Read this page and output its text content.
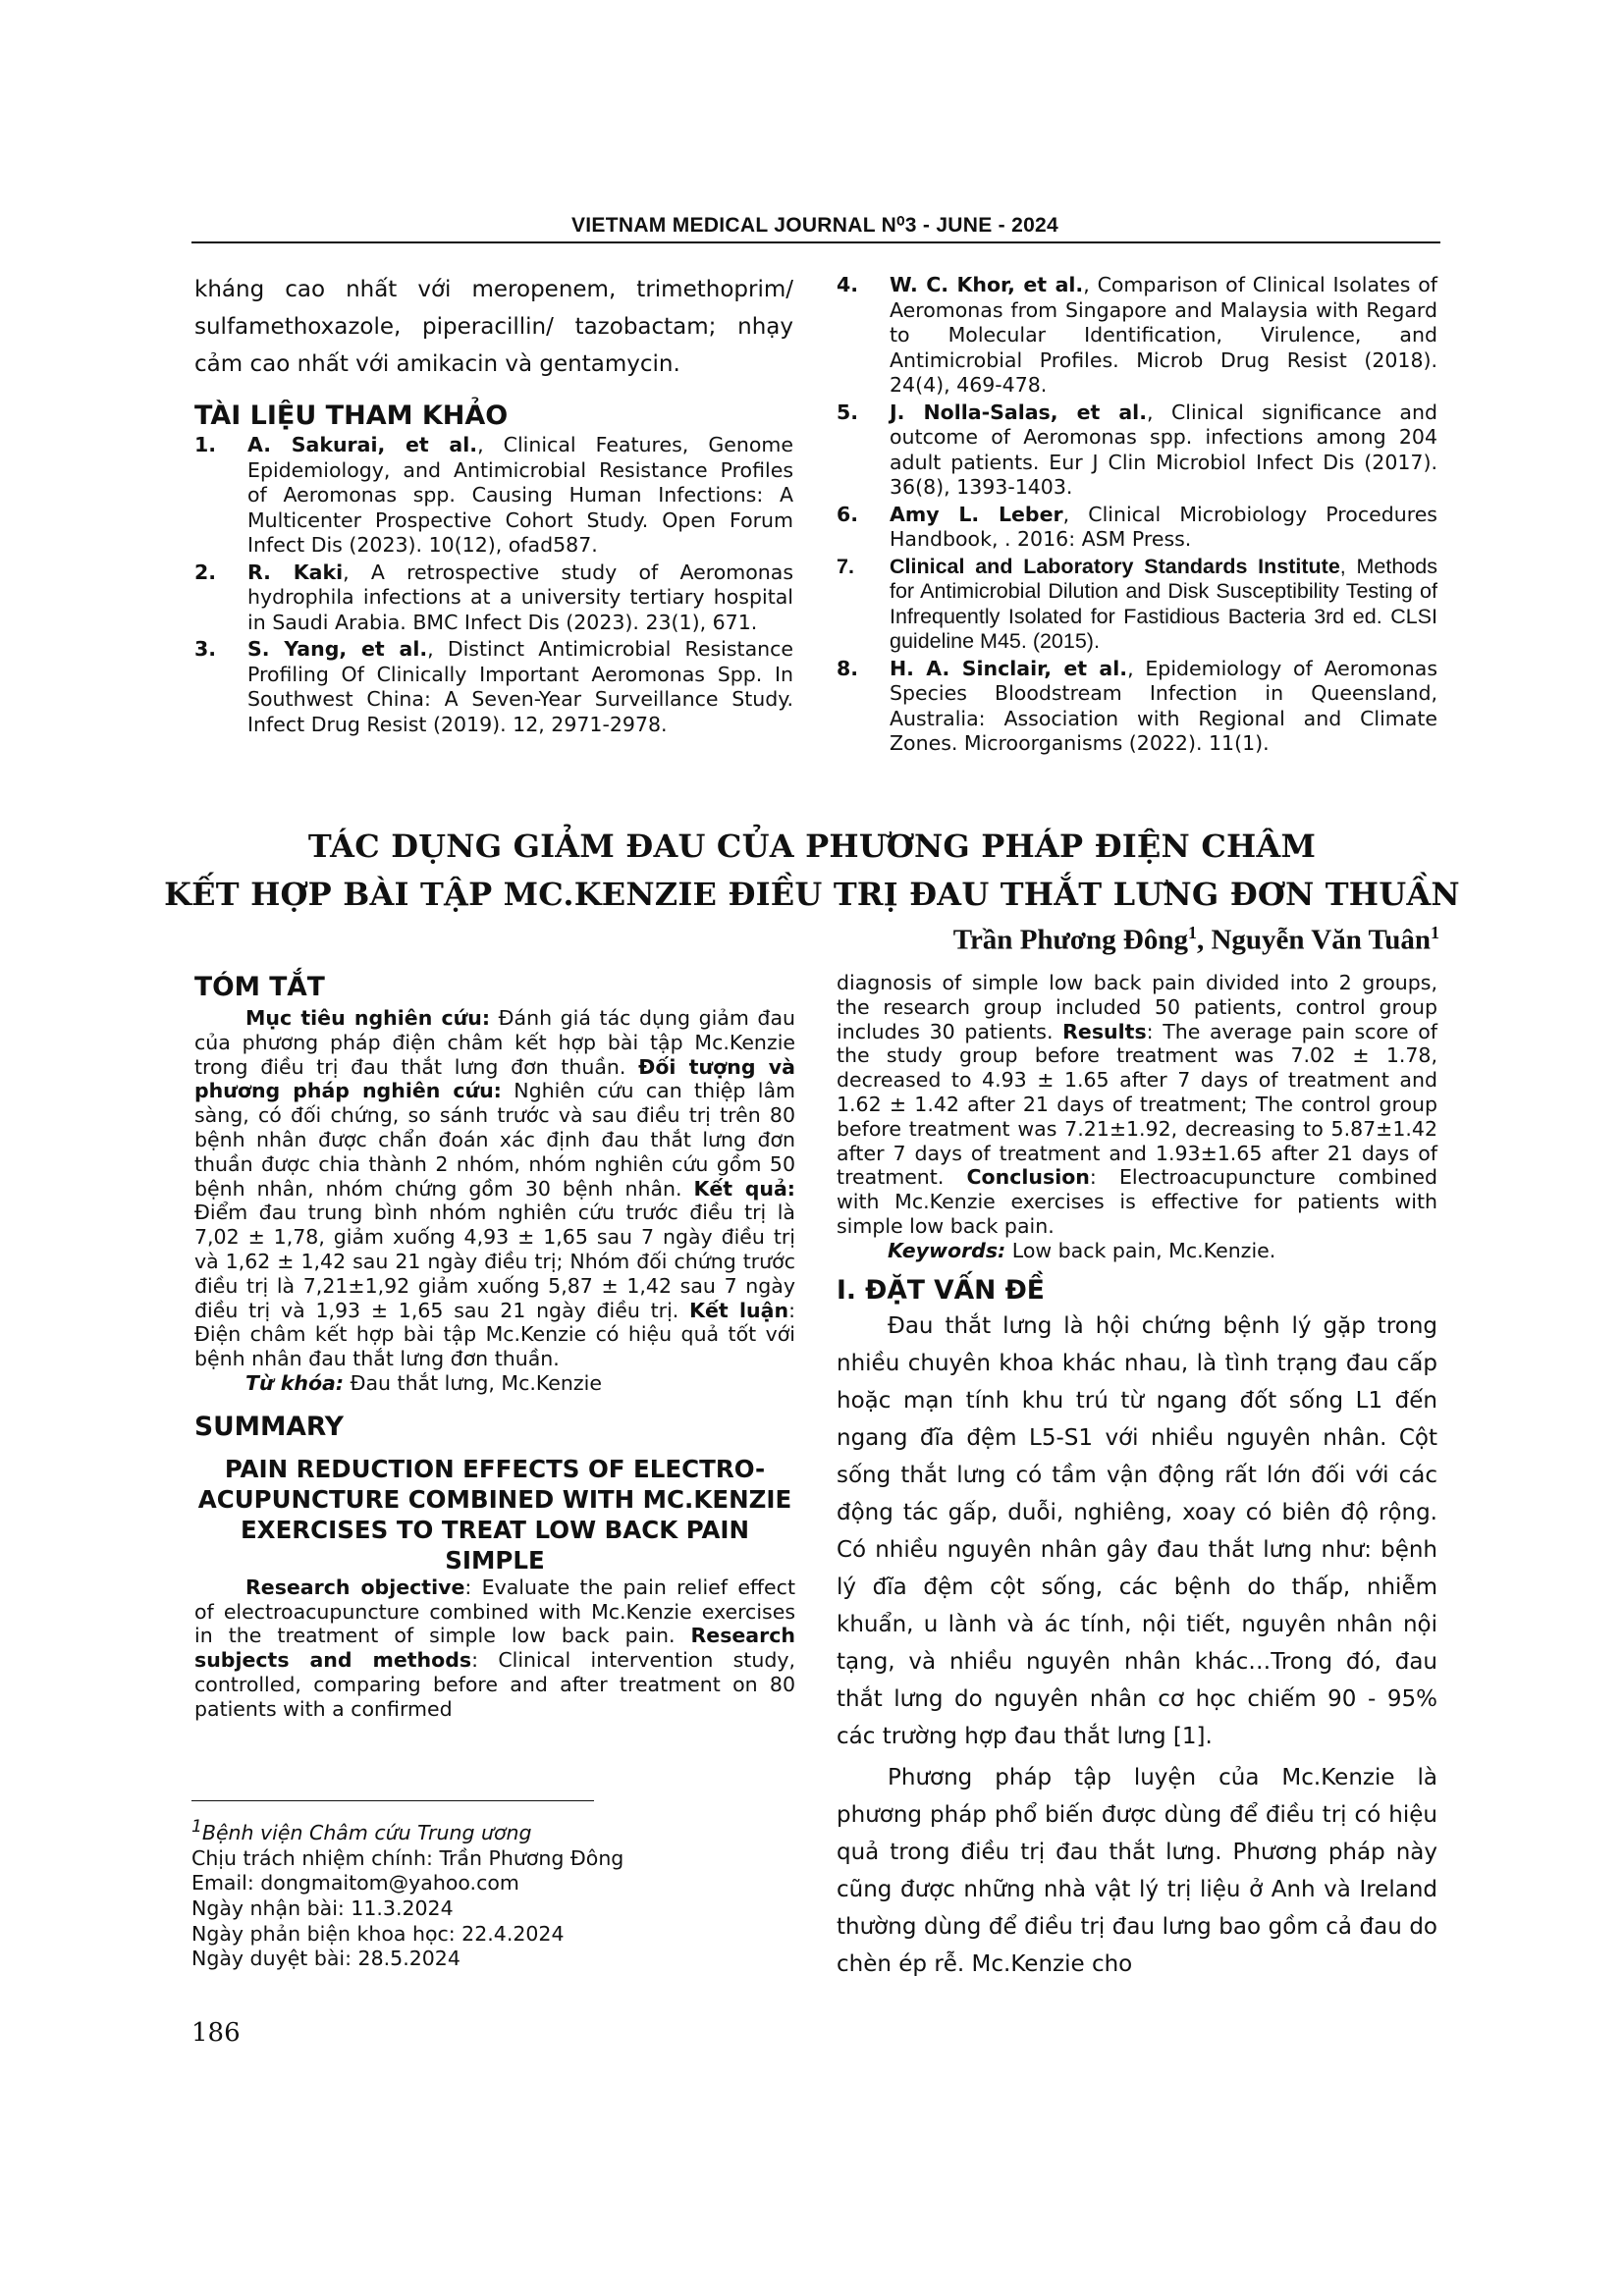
VIETNAM MEDICAL JOURNAL N⁰3 - JUNE - 2024

kháng cao nhất với meropenem, trimethoprim/ sulfamethoxazole, piperacillin/ tazobactam; nhạy cảm cao nhất với amikacin và gentamycin.

TÀI LIỆU THAM KHẢO

1. A. Sakurai, et al., Clinical Features, Genome Epidemiology, and Antimicrobial Resistance Profiles of Aeromonas spp. Causing Human Infections: A Multicenter Prospective Cohort Study. Open Forum Infect Dis (2023). 10(12), ofad587.
2. R. Kaki, A retrospective study of Aeromonas hydrophila infections at a university tertiary hospital in Saudi Arabia. BMC Infect Dis (2023). 23(1), 671.
3. S. Yang, et al., Distinct Antimicrobial Resistance Profiling Of Clinically Important Aeromonas Spp. In Southwest China: A Seven-Year Surveillance Study. Infect Drug Resist (2019). 12, 2971-2978.
4. W. C. Khor, et al., Comparison of Clinical Isolates of Aeromonas from Singapore and Malaysia with Regard to Molecular Identification, Virulence, and Antimicrobial Profiles. Microb Drug Resist (2018). 24(4), 469-478.
5. J. Nolla-Salas, et al., Clinical significance and outcome of Aeromonas spp. infections among 204 adult patients. Eur J Clin Microbiol Infect Dis (2017). 36(8), 1393-1403.
6. Amy L. Leber, Clinical Microbiology Procedures Handbook, . 2016: ASM Press.
7. Clinical and Laboratory Standards Institute, Methods for Antimicrobial Dilution and Disk Susceptibility Testing of Infrequently Isolated for Fastidious Bacteria 3rd ed. CLSI guideline M45. (2015).
8. H. A. Sinclair, et al., Epidemiology of Aeromonas Species Bloodstream Infection in Queensland, Australia: Association with Regional and Climate Zones. Microorganisms (2022). 11(1).
TÁC DỤNG GIẢM ĐAU CỦA PHƯƠNG PHÁP ĐIỆN CHÂM
KẾT HỢP BÀI TẬP MC.KENZIE ĐIỀU TRỊ ĐAU THẮT LƯNG ĐƠN THUẦN
Trần Phương Đông$^1$, Nguyễn Văn Tuân$^1$

TÓM TẮT

Mục tiêu nghiên cứu: Đánh giá tác dụng giảm đau của phương pháp điện châm kết hợp bài tập Mc.Kenzie trong điều trị đau thắt lưng đơn thuần. Đối tượng và phương pháp nghiên cứu: Nghiên cứu can thiệp lâm sàng, có đối chứng, so sánh trước và sau điều trị trên 80 bệnh nhân được chẩn đoán xác định đau thắt lưng đơn thuần được chia thành 2 nhóm, nhóm nghiên cứu gồm 50 bệnh nhân, nhóm chứng gồm 30 bệnh nhân. Kết quả: Điểm đau trung bình nhóm nghiên cứu trước điều trị là 7,02 ± 1,78, giảm xuống 4,93 ± 1,65 sau 7 ngày điều trị và 1,62 ± 1,42 sau 21 ngày điều trị; Nhóm đối chứng trước điều trị là 7,21±1,92 giảm xuống 5,87 ± 1,42 sau 7 ngày điều trị và 1,93 ± 1,65 sau 21 ngày điều trị. Kết luận: Điện châm kết hợp bài tập Mc.Kenzie có hiệu quả tốt với bệnh nhân đau thắt lưng đơn thuần.

Từ khóa: Đau thắt lưng, Mc.Kenzie

SUMMARY

PAIN REDUCTION EFFECTS OF ELECTRO-ACUPUNCTURE COMBINED WITH MC.KENZIE EXERCISES TO TREAT LOW BACK PAIN SIMPLE

Research objective: Evaluate the pain relief effect of electroacupuncture combined with Mc.Kenzie exercises in the treatment of simple low back pain. Research subjects and methods: Clinical intervention study, controlled, comparing before and after treatment on 80 patients with a confirmed

diagnosis of simple low back pain divided into 2 groups, the research group included 50 patients, control group includes 30 patients. Results: The average pain score of the study group before treatment was 7.02 ± 1.78, decreased to 4.93 ± 1.65 after 7 days of treatment and 1.62 ± 1.42 after 21 days of treatment; The control group before treatment was 7.21±1.92, decreasing to 5.87±1.42 after 7 days of treatment and 1.93±1.65 after 21 days of treatment. Conclusion: Electroacupuncture combined with Mc.Kenzie exercises is effective for patients with simple low back pain.

Keywords: Low back pain, Mc.Kenzie.

I. ĐẶT VẤN ĐỀ

Đau thắt lưng là hội chứng bệnh lý gặp trong nhiều chuyên khoa khác nhau, là tình trạng đau cấp hoặc mạn tính khu trú từ ngang đốt sống L1 đến ngang đĩa đệm L5-S1 với nhiều nguyên nhân. Cột sống thắt lưng có tầm vận động rất lớn đối với các động tác gấp, duỗi, nghiêng, xoay có biên độ rộng. Có nhiều nguyên nhân gây đau thắt lưng như: bệnh lý đĩa đệm cột sống, các bệnh do thấp, nhiễm khuẩn, u lành và ác tính, nội tiết, nguyên nhân nội tạng, và nhiều nguyên nhân khác…Trong đó, đau thắt lưng do nguyên nhân cơ học chiếm 90 - 95% các trường hợp đau thắt lưng [1].

Phương pháp tập luyện của Mc.Kenzie là phương pháp phổ biến được dùng để điều trị có hiệu quả trong điều trị đau thắt lưng. Phương pháp này cũng được những nhà vật lý trị liệu ở Anh và Ireland thường dùng để điều trị đau lưng bao gồm cả đau do chèn ép rễ. Mc.Kenzie cho

$^1$Bệnh viện Châm cứu Trung ương
Chịu trách nhiệm chính: Trần Phương Đông
Email: dongmaitom@yahoo.com
Ngày nhận bài: 11.3.2024
Ngày phản biện khoa học: 22.4.2024
Ngày duyệt bài: 28.5.2024
186
